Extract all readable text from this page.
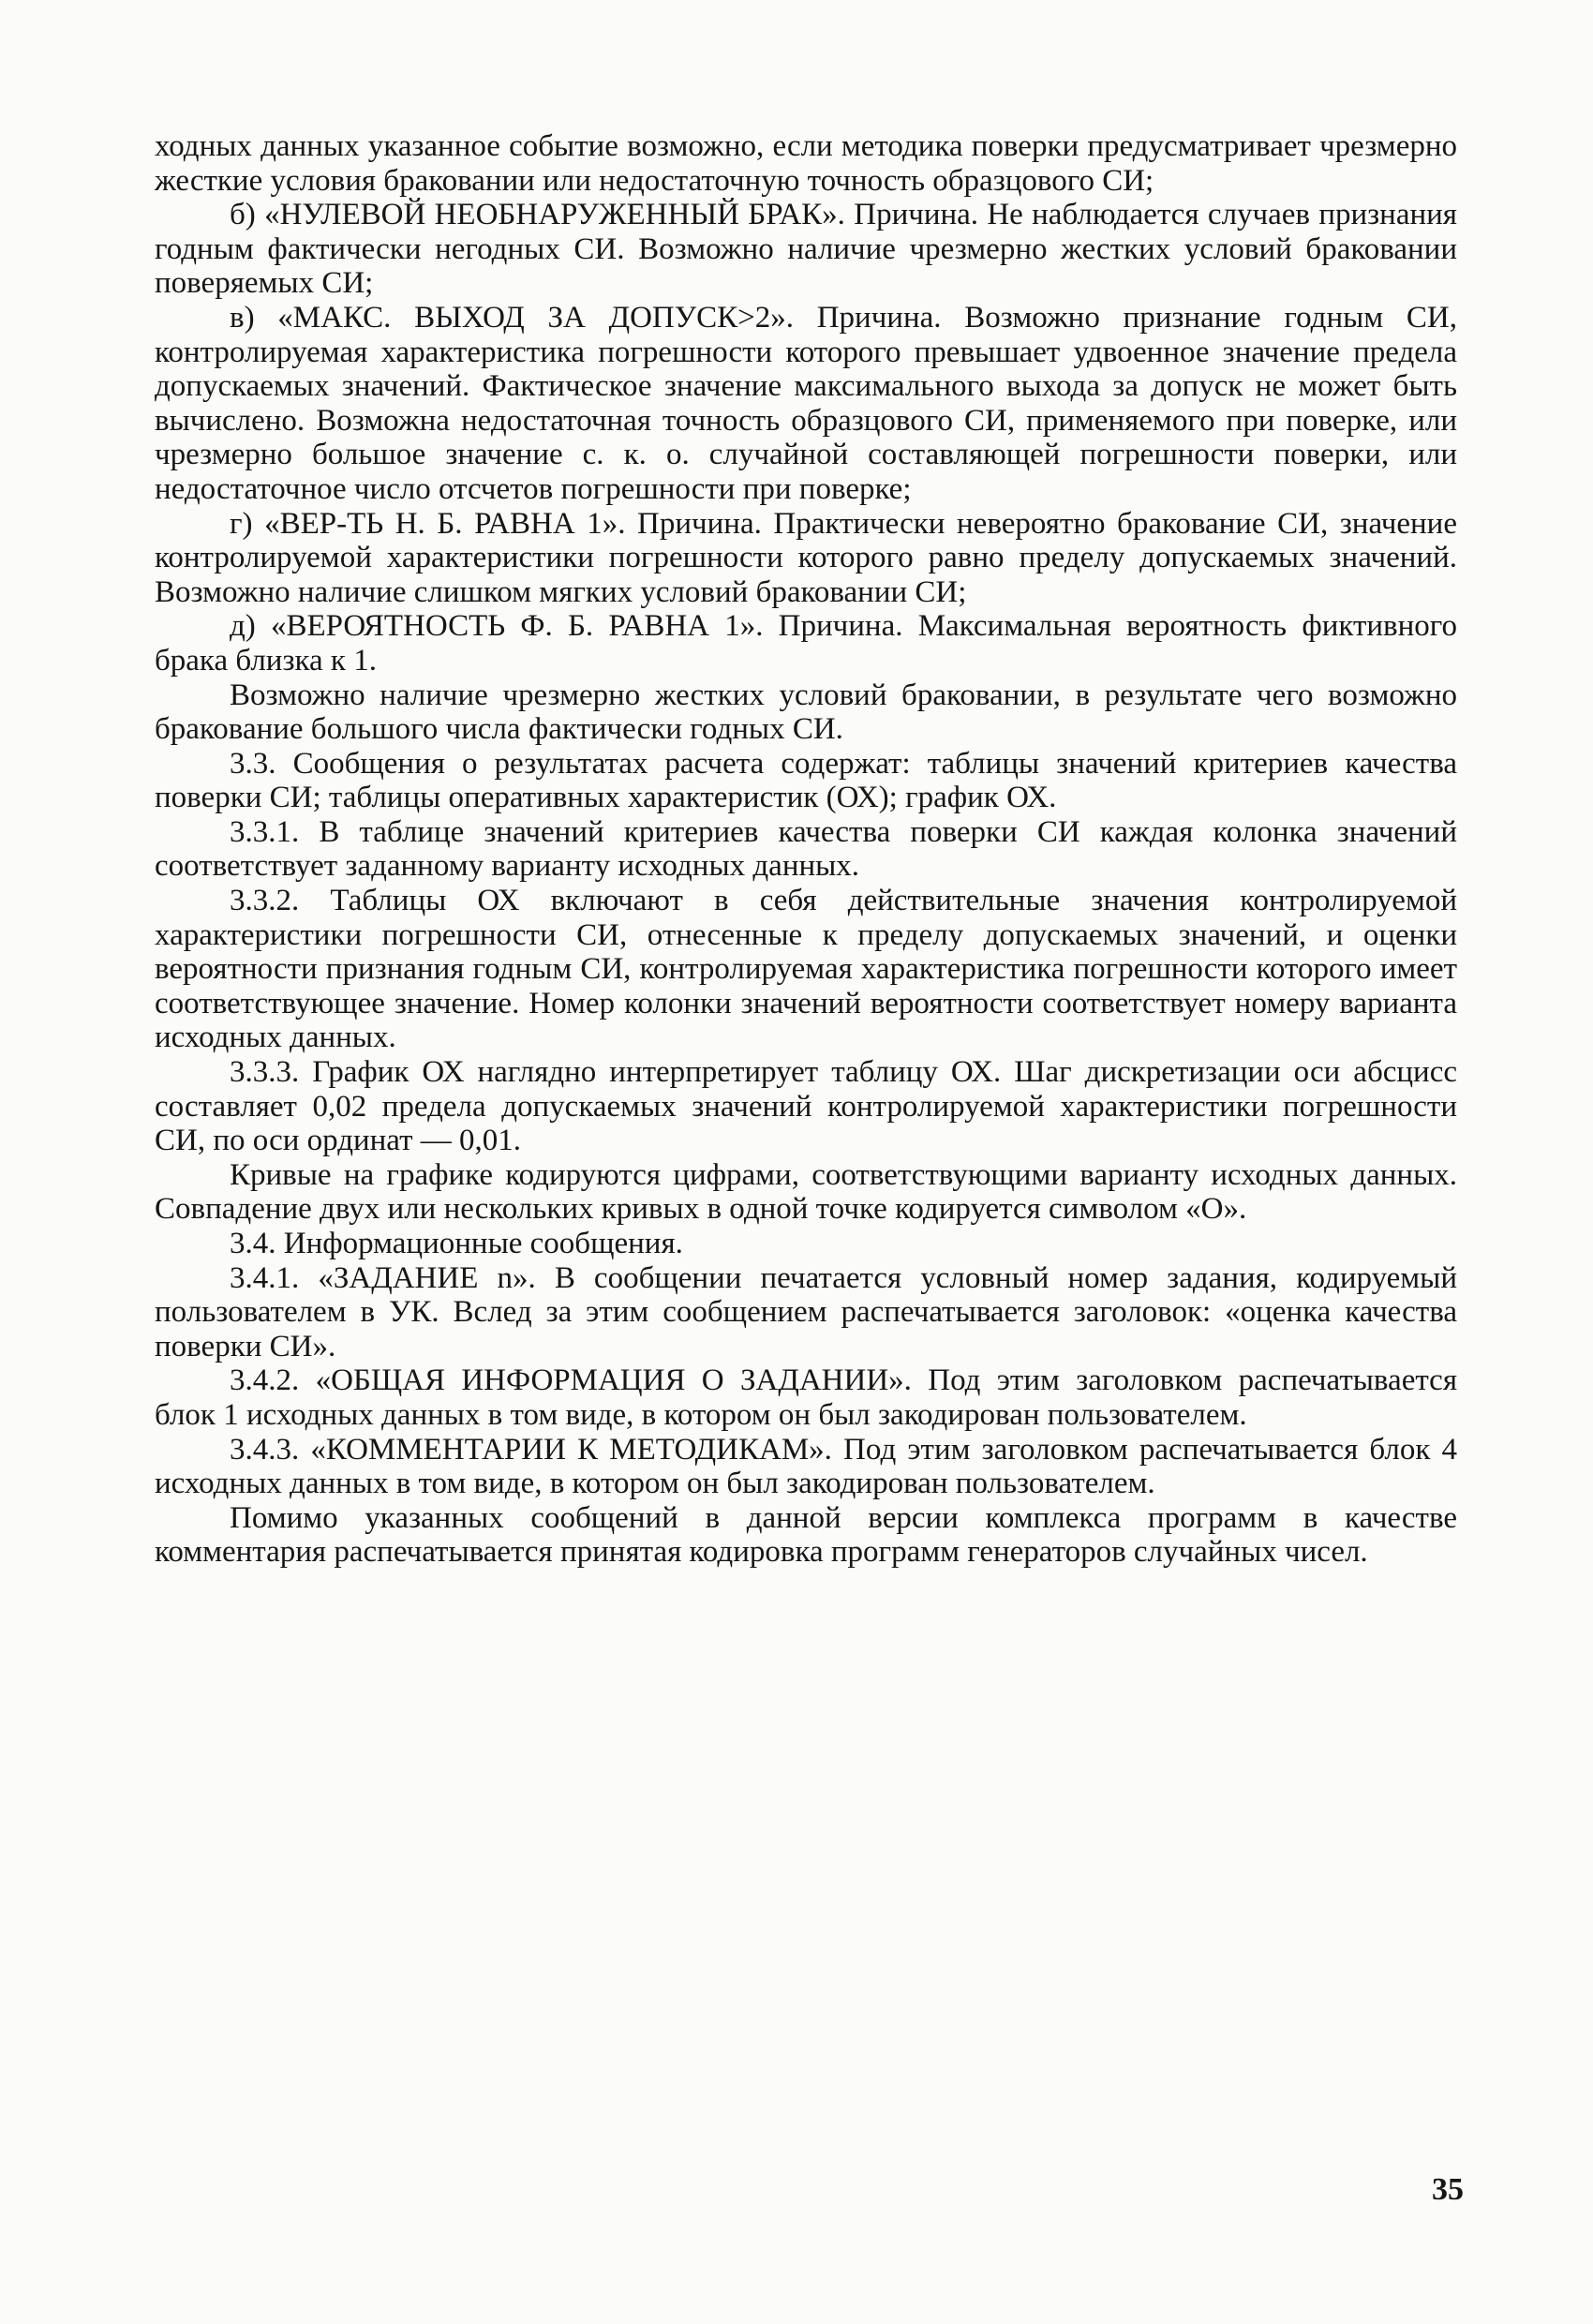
ходных данных указанное событие возможно, если методика поверки предусматривает чрезмерно жесткие условия браковании или недостаточную точность образцового СИ;

б) «НУЛЕВОЙ НЕОБНАРУЖЕННЫЙ БРАК». Причина. Не наблюдается случаев признания годным фактически негодных СИ. Возможно наличие чрезмерно жестких условий браковании поверяемых СИ;

в) «МАКС. ВЫХОД ЗА ДОПУСК>2». Причина. Возможно признание годным СИ, контролируемая характеристика погрешности которого превышает удвоенное значение предела допускаемых значений. Фактическое значение максимального выхода за допуск не может быть вычислено. Возможна недостаточная точность образцового СИ, применяемого при поверке, или чрезмерно большое значение с. к. о. случайной составляющей погрешности поверки, или недостаточное число отсчетов погрешности при поверке;

г) «ВЕР-ТЬ Н. Б. РАВНА 1». Причина. Практически невероятно бракование СИ, значение контролируемой характеристики погрешности которого равно пределу допускаемых значений. Возможно наличие слишком мягких условий браковании СИ;

д) «ВЕРОЯТНОСТЬ Ф. Б. РАВНА 1». Причина. Максимальная вероятность фиктивного брака близка к 1.

Возможно наличие чрезмерно жестких условий браковании, в результате чего возможно бракование большого числа фактически годных СИ.

3.3. Сообщения о результатах расчета содержат: таблицы значений критериев качества поверки СИ; таблицы оперативных характеристик (ОХ); график ОХ.

3.3.1. В таблице значений критериев качества поверки СИ каждая колонка значений соответствует заданному варианту исходных данных.

3.3.2. Таблицы ОХ включают в себя действительные значения контролируемой характеристики погрешности СИ, отнесенные к пределу допускаемых значений, и оценки вероятности признания годным СИ, контролируемая характеристика погрешности которого имеет соответствующее значение. Номер колонки значений вероятности соответствует номеру варианта исходных данных.

3.3.3. График ОХ наглядно интерпретирует таблицу ОХ. Шаг дискретизации оси абсцисс составляет 0,02 предела допускаемых значений контролируемой характеристики погрешности СИ, по оси ординат — 0,01.

Кривые на графике кодируются цифрами, соответствующими варианту исходных данных. Совпадение двух или нескольких кривых в одной точке кодируется символом «О».

3.4. Информационные сообщения.

3.4.1. «ЗАДАНИЕ n». В сообщении печатается условный номер задания, кодируемый пользователем в УК. Вслед за этим сообщением распечатывается заголовок: «оценка качества поверки СИ».

3.4.2. «ОБЩАЯ ИНФОРМАЦИЯ О ЗАДАНИИ». Под этим заголовком распечатывается блок 1 исходных данных в том виде, в котором он был закодирован пользователем.

3.4.3. «КОММЕНТАРИИ К МЕТОДИКАМ». Под этим заголовком распечатывается блок 4 исходных данных в том виде, в котором он был закодирован пользователем.

Помимо указанных сообщений в данной версии комплекса программ в качестве комментария распечатывается принятая кодировка программ генераторов случайных чисел.

35
